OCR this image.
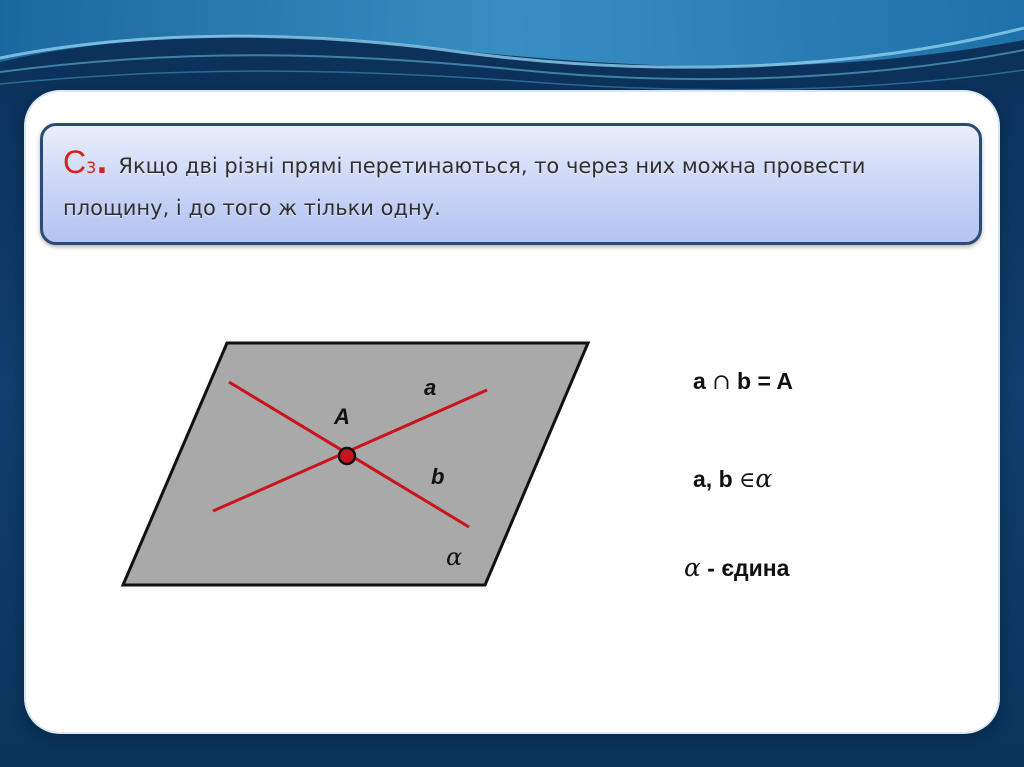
С3. Якщо дві різні прямі перетинаються, то через них можна провести площину, і до того ж тільки одну.
A
a
b
α
a ∩ b = A
a, b ∈α
α - єдина
